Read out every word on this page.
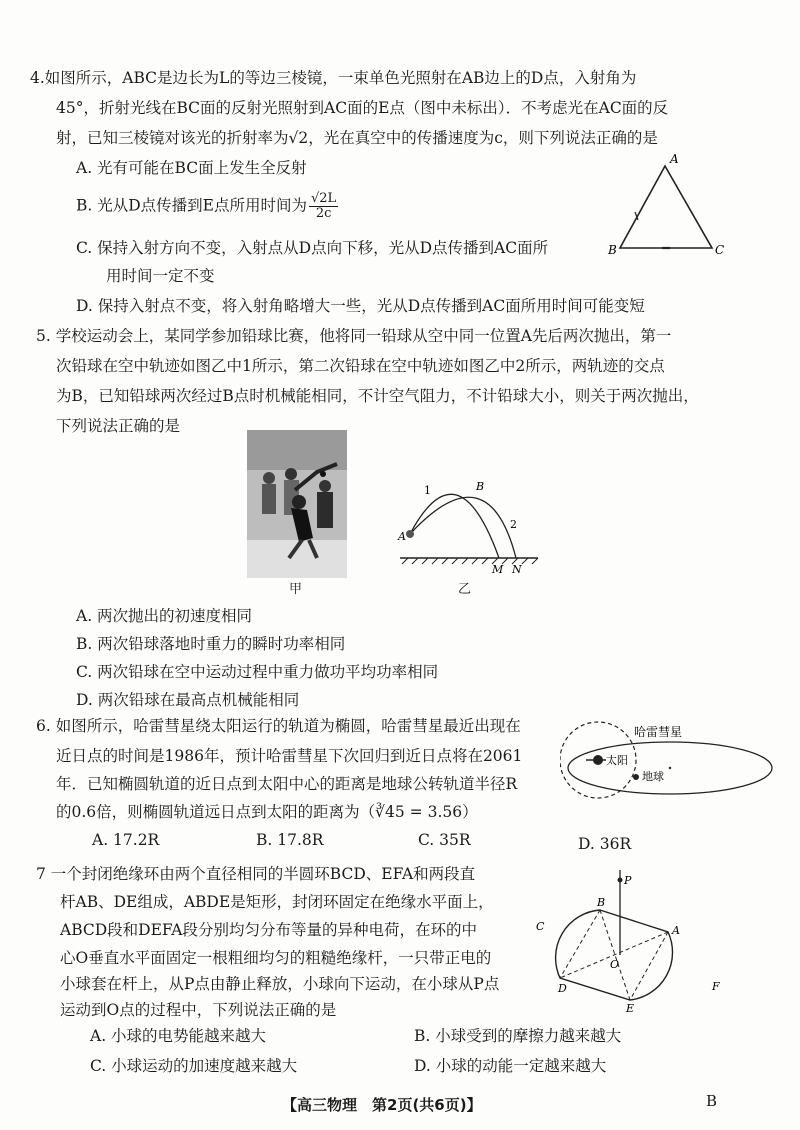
4.如图所示，ABC是边长为L的等边三棱镜，一束单色光照射在AB边上的D点，入射角为
45°，折射光线在BC面的反射光照射到AC面的E点（图中未标出）．不考虑光在AC面的反
射，已知三棱镜对该光的折射率为√2，光在真空中的传播速度为c，则下列说法正确的是
A. 光有可能在BC面上发生全反射
B. 光从D点传播到E点所用时间为 $\frac{√2L}{2c}$
C. 保持入射方向不变，入射点从D点向下移，光从D点传播到AC面所
用时间一定不变
D. 保持入射点不变，将入射角略增大一些，光从D点传播到AC面所用时间可能变短
A
B	C
5. 学校运动会上，某同学参加铅球比赛，他将同一铅球从空中同一位置A先后两次抛出，第一
次铅球在空中轨迹如图乙中1所示，第二次铅球在空中轨迹如图乙中2所示，两轨迹的交点
为B，已知铅球两次经过B点时机械能相同，不计空气阻力，不计铅球大小，则关于两次抛出，
下列说法正确的是
甲
A
1	B
2
M N
乙
A. 两次抛出的初速度相同
B. 两次铅球落地时重力的瞬时功率相同
C. 两次铅球在空中运动过程中重力做功平均功率相同
D. 两次铅球在最高点机械能相同
6. 如图所示，哈雷彗星绕太阳运行的轨道为椭圆，哈雷彗星最近出现在
近日点的时间是1986年，预计哈雷彗星下次回归到近日点将在2061
年．已知椭圆轨道的近日点到太阳中心的距离是地球公转轨道半径R
的0.6倍，则椭圆轨道远日点到太阳的距离为（∛45 = 3.56）
A. 17.2R	B. 17.8R	C. 35R	D. 36R
哈雷彗星
太阳
地球
7 一个封闭绝缘环由两个直径相同的半圆环BCD、EFA和两段直
杆AB、DE组成，ABDE是矩形，封闭环固定在绝缘水平面上，
ABCD段和DEFA段分别均匀分布等量的异种电荷，在环的中
心O垂直水平面固定一根粗细均匀的粗糙绝缘杆，一只带正电的
小球套在杆上，从P点由静止释放，小球向下运动，在小球从P点
运动到O点的过程中，下列说法正确的是
A. 小球的电势能越来越大	B. 小球受到的摩擦力越来越大
C. 小球运动的加速度越来越大	D. 小球的动能一定越来越大
P
B
A
C
D
E
F
O
【高三物理　第2页(共6页)】	B
